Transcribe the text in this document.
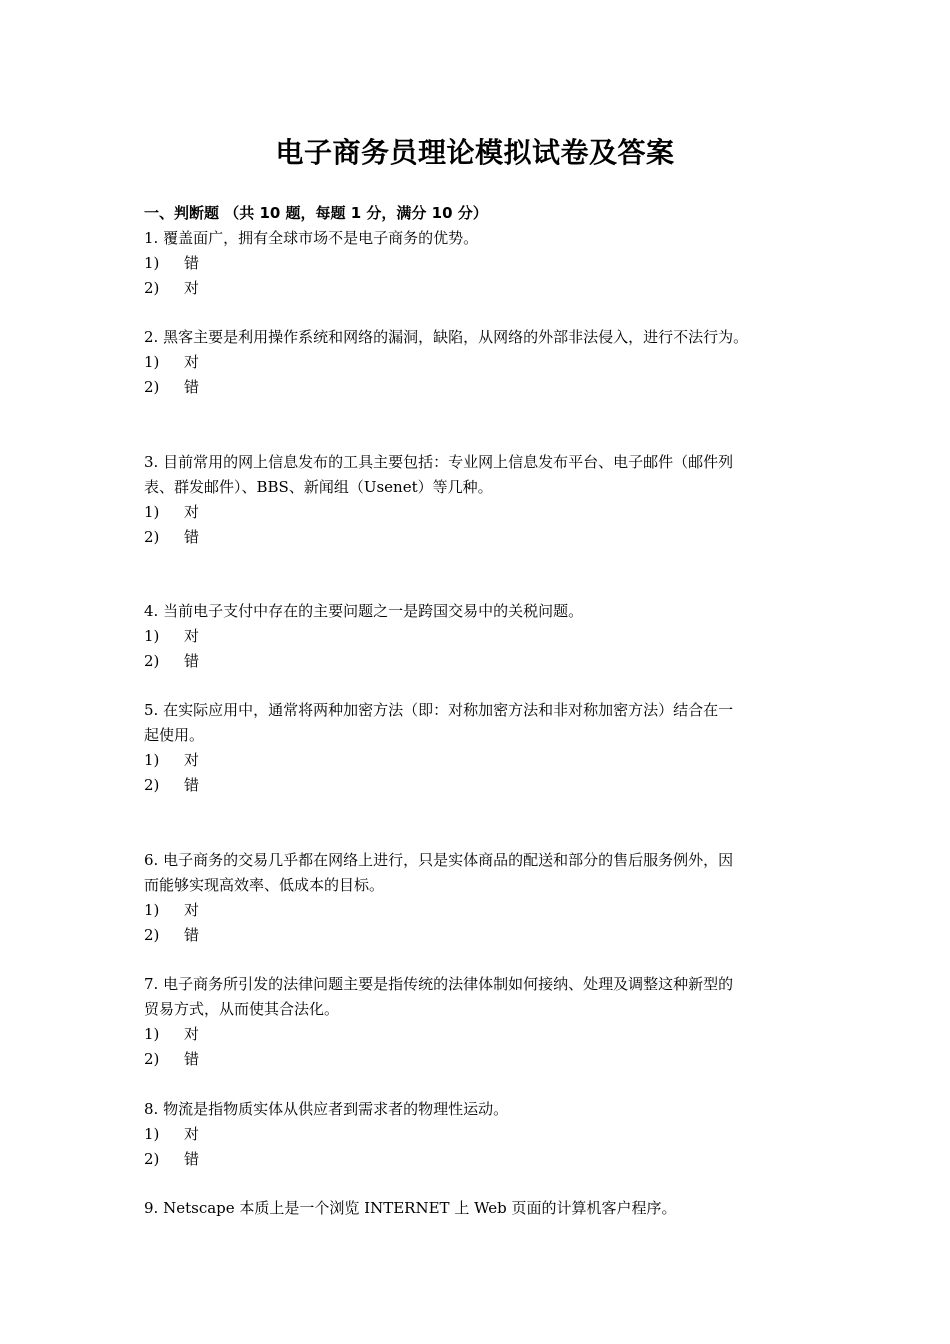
电子商务员理论模拟试卷及答案
一、判断题 （共 10 题，每题 1 分，满分 10 分）
1. 覆盖面广，拥有全球市场不是电子商务的优势。
1) 错
2) 对
2. 黑客主要是利用操作系统和网络的漏洞，缺陷，从网络的外部非法侵入，进行不法行为。
1) 对
2) 错
3. 目前常用的网上信息发布的工具主要包括：专业网上信息发布平台、电子邮件（邮件列
表、群发邮件）、BBS、新闻组（Usenet）等几种。
1) 对
2) 错
4. 当前电子支付中存在的主要问题之一是跨国交易中的关税问题。
1) 对
2) 错
5. 在实际应用中，通常将两种加密方法（即：对称加密方法和非对称加密方法）结合在一
起使用。
1) 对
2) 错
6. 电子商务的交易几乎都在网络上进行，只是实体商品的配送和部分的售后服务例外，因
而能够实现高效率、低成本的目标。
1) 对
2) 错
7. 电子商务所引发的法律问题主要是指传统的法律体制如何接纳、处理及调整这种新型的
贸易方式，从而使其合法化。
1) 对
2) 错
8. 物流是指物质实体从供应者到需求者的物理性运动。
1) 对
2) 错
9. Netscape 本质上是一个浏览 INTERNET 上 Web 页面的计算机客户程序。
